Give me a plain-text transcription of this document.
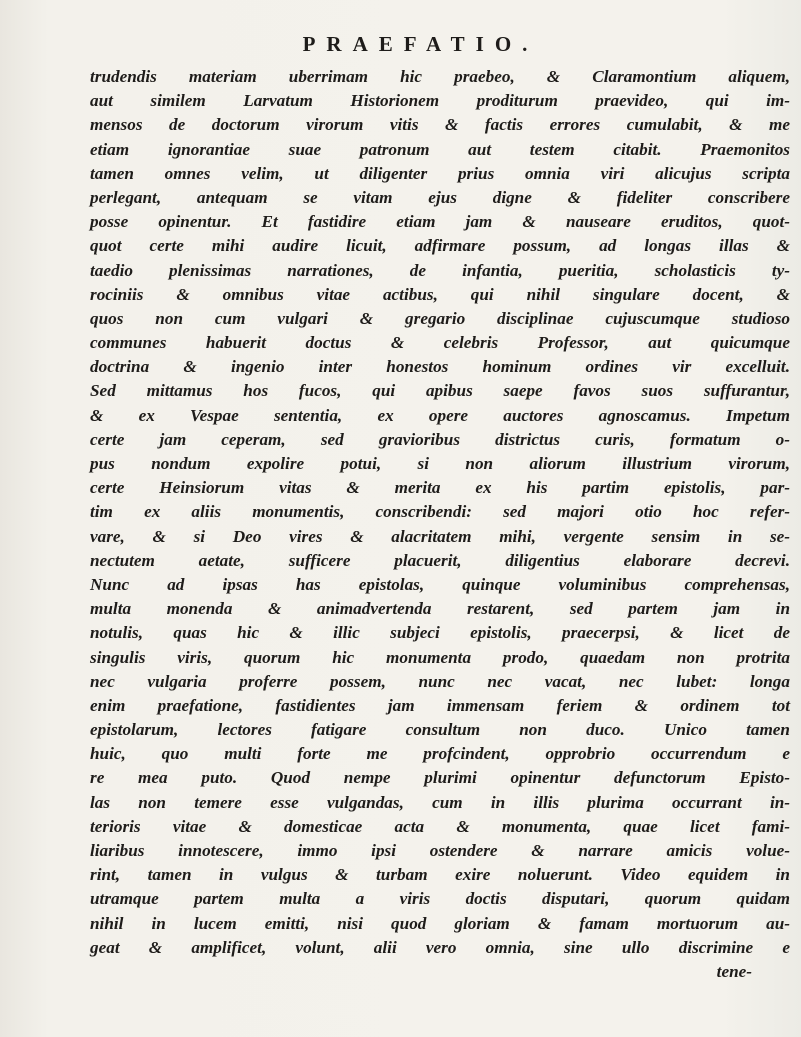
PRAEFATIO.
trudendis materiam uberrimam hic praebeo, & Claramontium aliquem,
aut similem Larvatum Historionem proditurum praevideo, qui im-
mensos de doctorum virorum vitis & factis errores cumulabit, & me
etiam ignorantiae suae patronum aut testem citabit. Praemonitos
tamen omnes velim, ut diligenter prius omnia viri alicujus scripta
perlegant, antequam se vitam ejus digne & fideliter conscribere
posse opinentur. Et fastidire etiam jam & nauseare eruditos, quot-
quot certe mihi audire licuit, adfirmare possum, ad longas illas &
taedio plenissimas narrationes, de infantia, pueritia, scholasticis ty-
rociniis & omnibus vitae actibus, qui nihil singulare docent, &
quos non cum vulgari & gregario disciplinae cujuscumque studioso
communes habuerit doctus & celebris Professor, aut quicumque
doctrina & ingenio inter honestos hominum ordines vir excelluit.
Sed mittamus hos fucos, qui apibus saepe favos suos suffurantur,
& ex Vespae sententia, ex opere auctores agnoscamus. Impetum
certe jam ceperam, sed gravioribus districtus curis, formatum o-
pus nondum expolire potui, si non aliorum illustrium virorum,
certe Heinsiorum vitas & merita ex his partim epistolis, par-
tim ex aliis monumentis, conscribendi: sed majori otio hoc refer-
vare, & si Deo vires & alacritatem mihi, vergente sensim in se-
nectutem aetate, sufficere placuerit, diligentius elaborare decrevi.
Nunc ad ipsas has epistolas, quinque voluminibus comprehensas,
multa monenda & animadvertenda restarent, sed partem jam in
notulis, quas hic & illic subjeci epistolis, praecerpsi, & licet de
singulis viris, quorum hic monumenta prodo, quaedam non protrita
nec vulgaria proferre possem, nunc nec vacat, nec lubet: longa
enim praefatione, fastidientes jam immensam feriem & ordinem tot
epistolarum, lectores fatigare consultum non duco. Unico tamen
huic, quo multi forte me profcindent, opprobrio occurrendum e
re mea puto. Quod nempe plurimi opinentur defunctorum Episto-
las non temere esse vulgandas, cum in illis plurima occurrant in-
terioris vitae & domesticae acta & monumenta, quae licet fami-
liaribus innotescere, immo ipsi ostendere & narrare amicis volue-
rint, tamen in vulgus & turbam exire noluerunt. Video equidem in
utramque partem multa a viris doctis disputari, quorum quidam
nihil in lucem emitti, nisi quod gloriam & famam mortuorum au-
geat & amplificet, volunt, alii vero omnia, sine ullo discrimine e
tene-
